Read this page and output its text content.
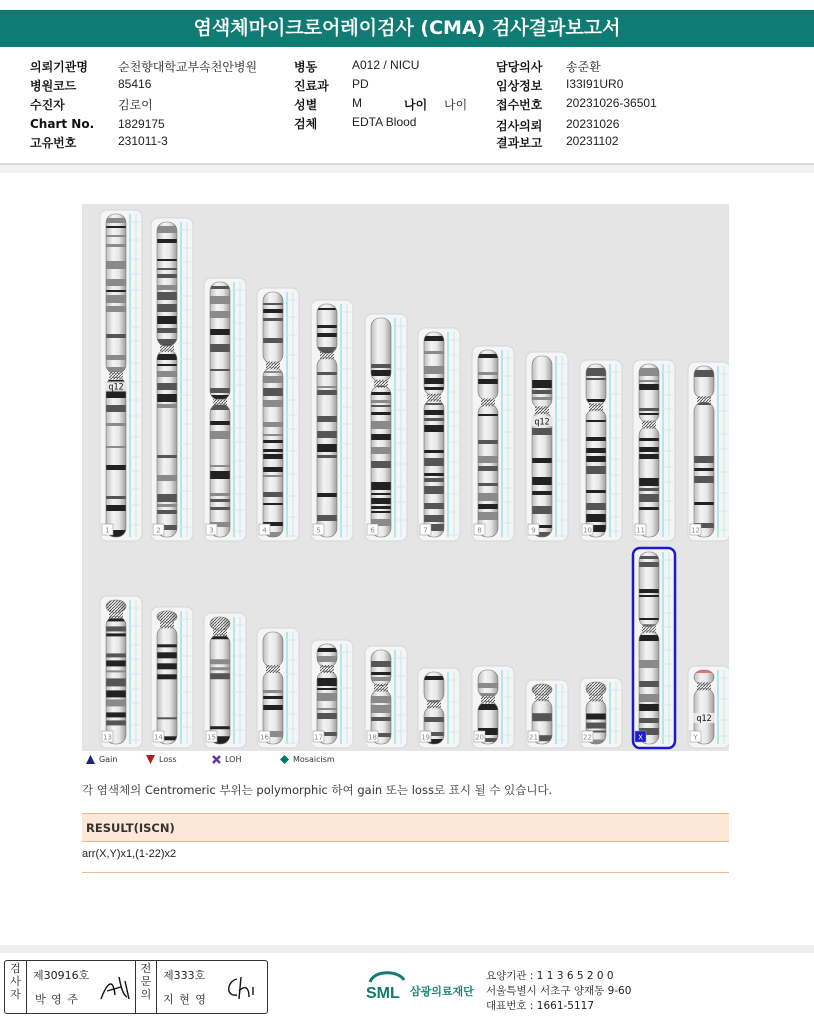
염색체마이크로어레이검사 (CMA) 검사결과보고서
의뢰기관명	순천향대학교부속천안병원
병원코드	85416
수진자	김로이
Chart No. 1829175
고유번호	231011-3
병동	A012 / NICU
진료과 PD
성별	M	나이 나이
검체	EDTA Blood
담당의사 송준환
임상정보 I33I91UR0
접수번호 20231026-36501
검사의뢰 20231026
결과보고 20231102
1
q12
2	3	4	5	6	7	8	9
q12
10	11	12
13	14	15	16	17	18	19	20	21	22	X	Y
q12
Gain	Loss	LOH	Mosaicism
각 염색체의 Centromeric 부위는 polymorphic 하여 gain 또는 loss로 표시 될 수 있습니다.
RESULT(ISCN)
arr(X,Y)x1,(1-22)x2
검
사
자
제30916호
박 영 주
전
문
의
제333호
지 현 영	SML 삼광의료재단
요양기관 : 1 1 3 6 5 2 0 0
서울특별시 서초구 양재동 9-60
대표번호 : 1661-5117
